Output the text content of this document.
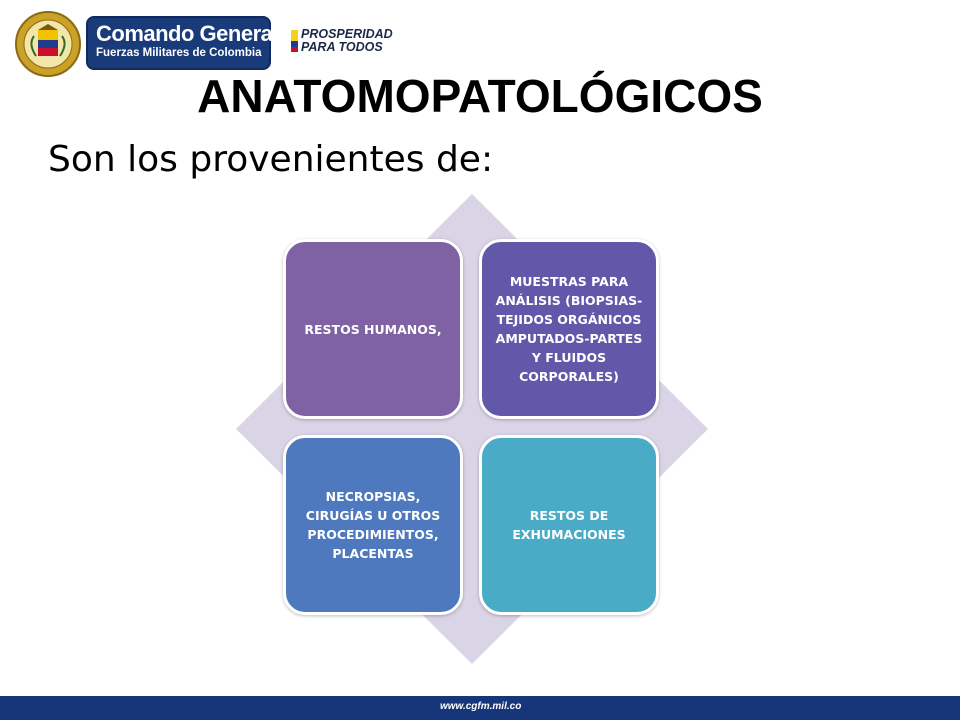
Comando General
Fuerzas Militares de Colombia
PROSPERIDAD
PARA TODOS
ANATOMOPATOLÓGICOS
Son los provenientes de:
RESTOS HUMANOS,
MUESTRAS PARA ANÁLISIS (BIOPSIAS-TEJIDOS ORGÁNICOS AMPUTADOS-PARTES Y FLUIDOS CORPORALES)
NECROPSIAS, CIRUGÍAS U OTROS PROCEDIMIENTOS, PLACENTAS
RESTOS DE EXHUMACIONES
www.cgfm.mil.co
